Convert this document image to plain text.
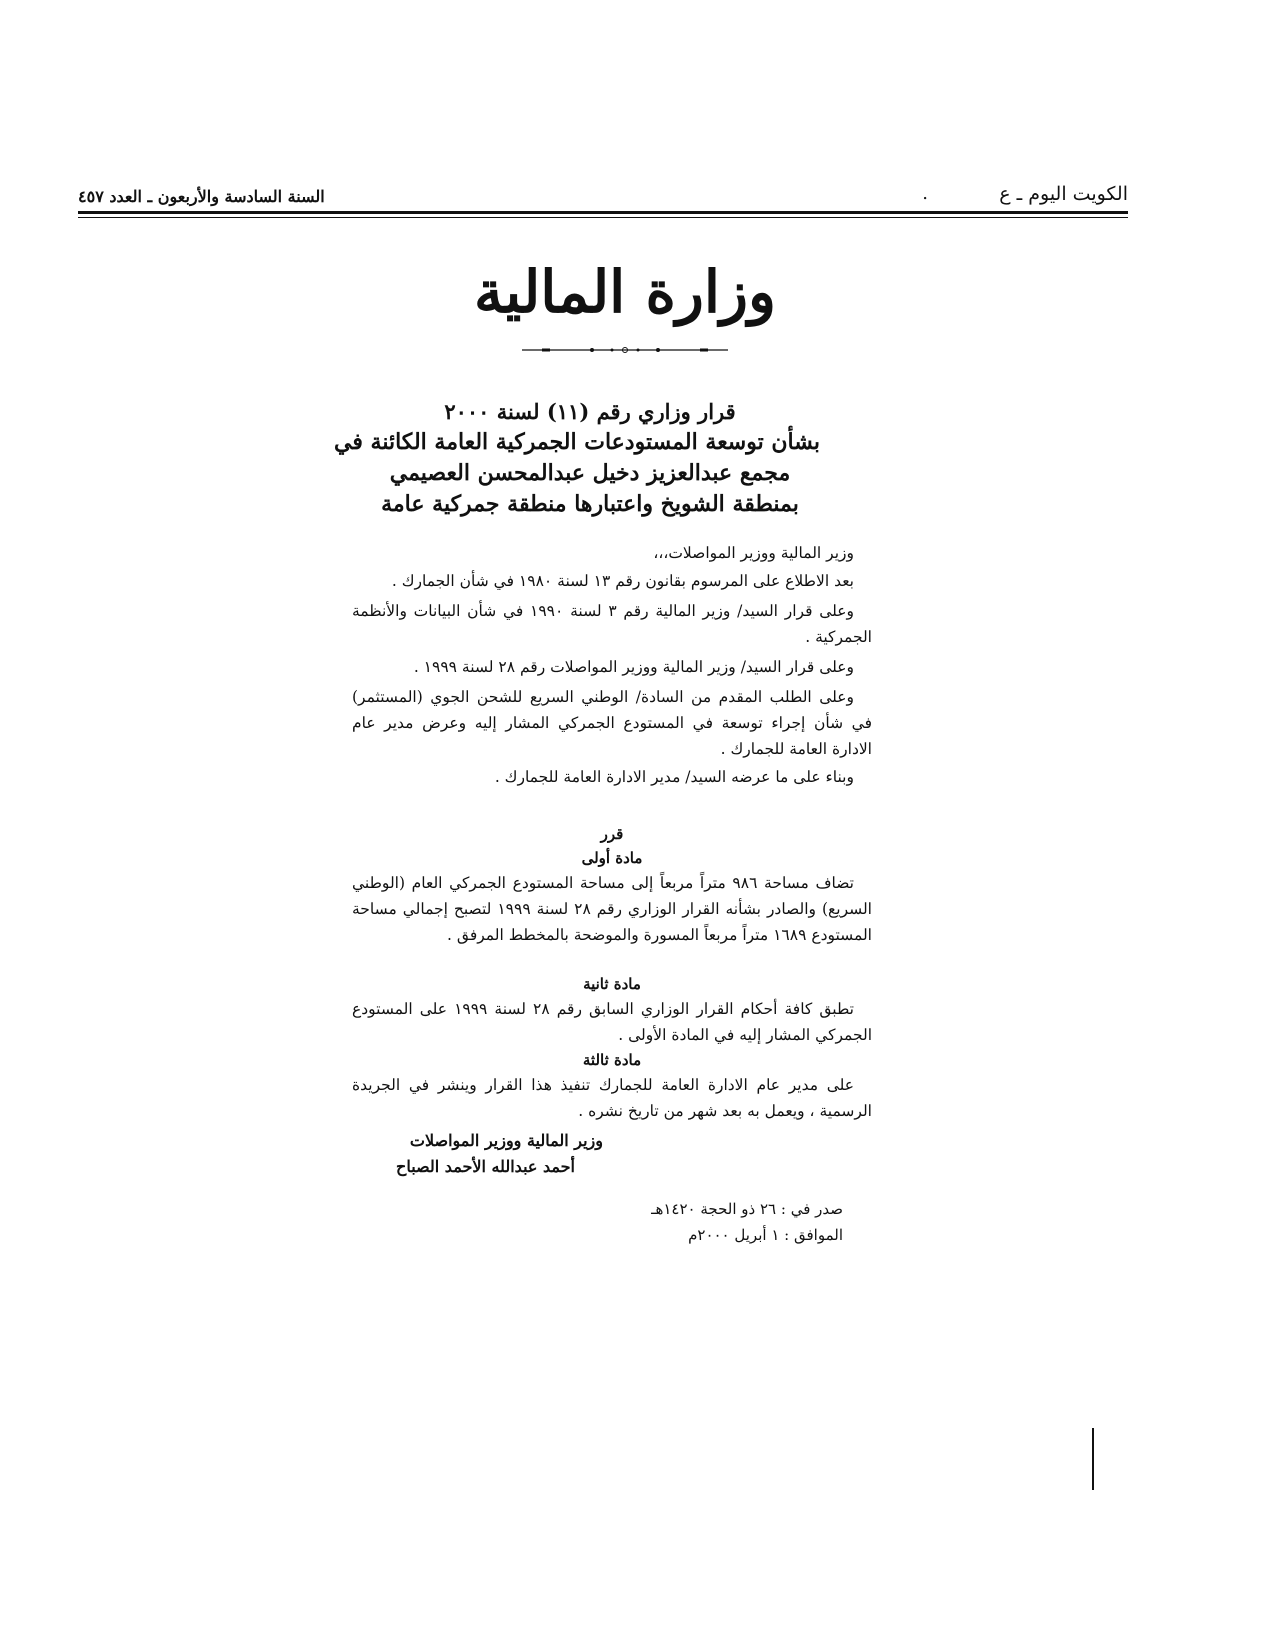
الكويت اليوم ـ ع
.
السنة السادسة والأربعون ـ العدد ٤٥٧
وزارة المالية
قرار وزاري رقم (١١) لسنة ٢٠٠٠
بشأن توسعة المستودعات الجمركية العامة الكائنة في
مجمع عبدالعزيز دخيل عبدالمحسن العصيمي
بمنطقة الشويخ واعتبارها منطقة جمركية عامة

وزير المالية ووزير المواصلات،،،

بعد الاطلاع على المرسوم بقانون رقم ١٣ لسنة ١٩٨٠ في شأن الجمارك .

وعلى قرار السيد/ وزير المالية رقم ٣ لسنة ١٩٩٠ في شأن البيانات والأنظمة الجمركية .

وعلى قرار السيد/ وزير المالية ووزير المواصلات رقم ٢٨ لسنة ١٩٩٩ .

وعلى الطلب المقدم من السادة/ الوطني السريع للشحن الجوي (المستثمر) في شأن إجراء توسعة في المستودع الجمركي المشار إليه وعرض مدير عام الادارة العامة للجمارك .

وبناء على ما عرضه السيد/ مدير الادارة العامة للجمارك .

قرر
مادة أولى

تضاف مساحة ٩٨٦ متراً مربعاً إلى مساحة المستودع الجمركي العام (الوطني السريع) والصادر بشأنه القرار الوزاري رقم ٢٨ لسنة ١٩٩٩ لتصبح إجمالي مساحة المستودع ١٦٨٩ متراً مربعاً المسورة والموضحة بالمخطط المرفق .

مادة ثانية

تطبق كافة أحكام القرار الوزاري السابق رقم ٢٨ لسنة ١٩٩٩ على المستودع الجمركي المشار إليه في المادة الأولى .

مادة ثالثة

على مدير عام الادارة العامة للجمارك تنفيذ هذا القرار وينشر في الجريدة الرسمية ، ويعمل به بعد شهر من تاريخ نشره .

وزير المالية ووزير المواصلات
أحمد عبدالله الأحمد الصباح
صدر في : ٢٦ ذو الحجة ١٤٢٠هـ
الموافق : ١ أبريل ٢٠٠٠م
